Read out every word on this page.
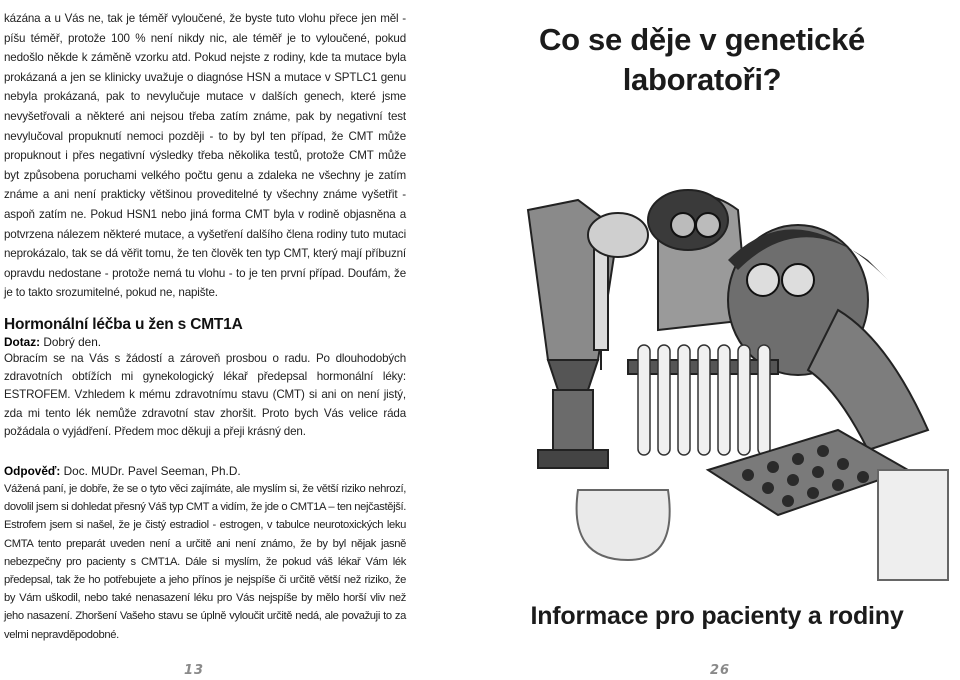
kázána a u Vás ne, tak je téměř vyloučené, že byste tuto vlohu přece jen měl - píšu téměř, protože 100 % není nikdy nic, ale téměř je to vyloučené, pokud nedošlo někde k záměně vzorku atd. Pokud nejste z rodiny, kde ta mutace byla prokázaná a jen se klinicky uvažuje o diagnóse HSN a mutace v SPTLC1 genu nebyla prokázaná, pak to nevylučuje mutace v dalších genech, které jsme nevyšetřovali a některé ani nejsou třeba zatím známe, pak by negativní test nevylučoval propuknutí nemoci později - to by byl ten případ, že CMT může propuknout i přes negativní výsledky třeba několika testů, protože CMT může byt způsobena poruchami velkého počtu genu a zdaleka ne všechny je zatím známe a ani není prakticky většinou proveditelné ty všechny známe vyšetřit - aspoň zatím ne. Pokud HSN1 nebo jiná forma CMT byla v rodině objasněna a potvrzena nálezem některé mutace, a vyšetření dalšího člena rodiny tuto mutaci neprokázalo, tak se dá věřit tomu, že ten člověk ten typ CMT, který mají příbuzní opravdu nedostane - protože nemá tu vlohu - to je ten první případ. Doufám, že je to takto srozumitelné, pokud ne, napište.

Hormonální léčba u žen s CMT1A
Dotaz: Dobrý den.

Obracím se na Vás s žádostí a zároveň prosbou o radu. Po dlouhodobých zdravotních obtížích mi gynekologický lékař předepsal hormonální léky: ESTROFEM. Vzhledem k mému zdravotnímu stavu (CMT) si ani on není jistý, zda mi tento lék nemůže zdravotní stav zhoršit. Proto bych Vás velice ráda požádala o vyjádření. Předem moc děkuji a přeji krásný den.

Odpověď: Doc. MUDr. Pavel Seeman, Ph.D.

Vážená paní, je dobře, že se o tyto věci zajímáte, ale myslím si, že větší riziko nehrozí, dovolil jsem si dohledat přesný Váš typ CMT a vidím, že jde o CMT1A – ten nejčastější. Estrofem jsem si našel, že je čistý estradiol - estrogen, v tabulce neurotoxických leku CMTA tento preparát uveden není a určitě ani není známo, že by byl nějak jasně nebezpečny pro pacienty s CMT1A. Dále si myslím, že pokud váš lékař Vám lék předepsal, tak že ho potřebujete a jeho přínos je nejspíše či určitě větší než riziko, že by Vám uškodil, nebo také nenasazení léku pro Vás nejspíše by mělo horší vliv než jeho nasazení. Zhoršení Vašeho stavu se úplně vyloučit určitě nedá, ale považuji to za velmi nepravděpodobné.

13
Co se děje v genetické
laboratoři?
Informace pro pacienty a rodiny
26
